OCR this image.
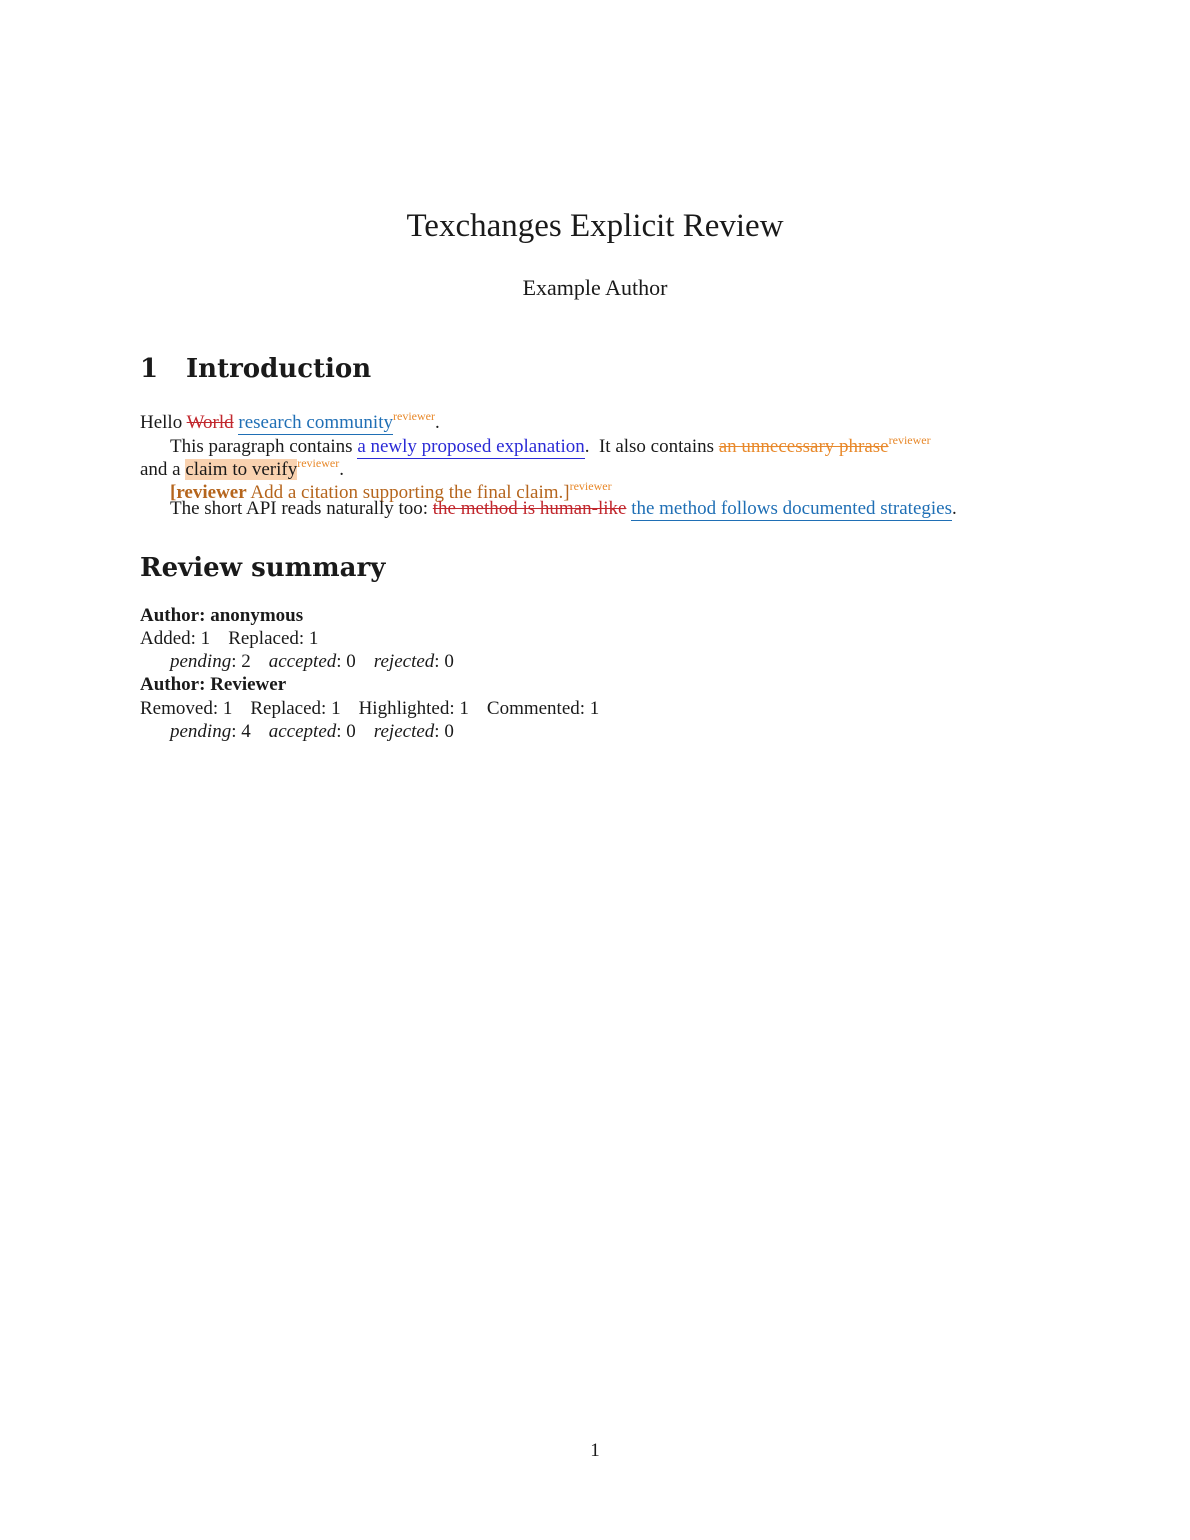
Texchanges Explicit Review
Example Author
1 Introduction
Hello World research community$^{reviewer}$.
This paragraph contains a newly proposed explanation.  It also contains an unnecessary phrase$^{reviewer}$
and a claim to verify$^{reviewer}$.
[reviewer Add a citation supporting the final claim.]$^{reviewer}$
The short API reads naturally too: the method is human-like the method follows documented strategies.
Review summary
Author: anonymous
Added: 1 Replaced: 1
pending: 2 accepted: 0 rejected: 0
Author: Reviewer
Removed: 1 Replaced: 1 Highlighted: 1 Commented: 1
pending: 4 accepted: 0 rejected: 0
1
